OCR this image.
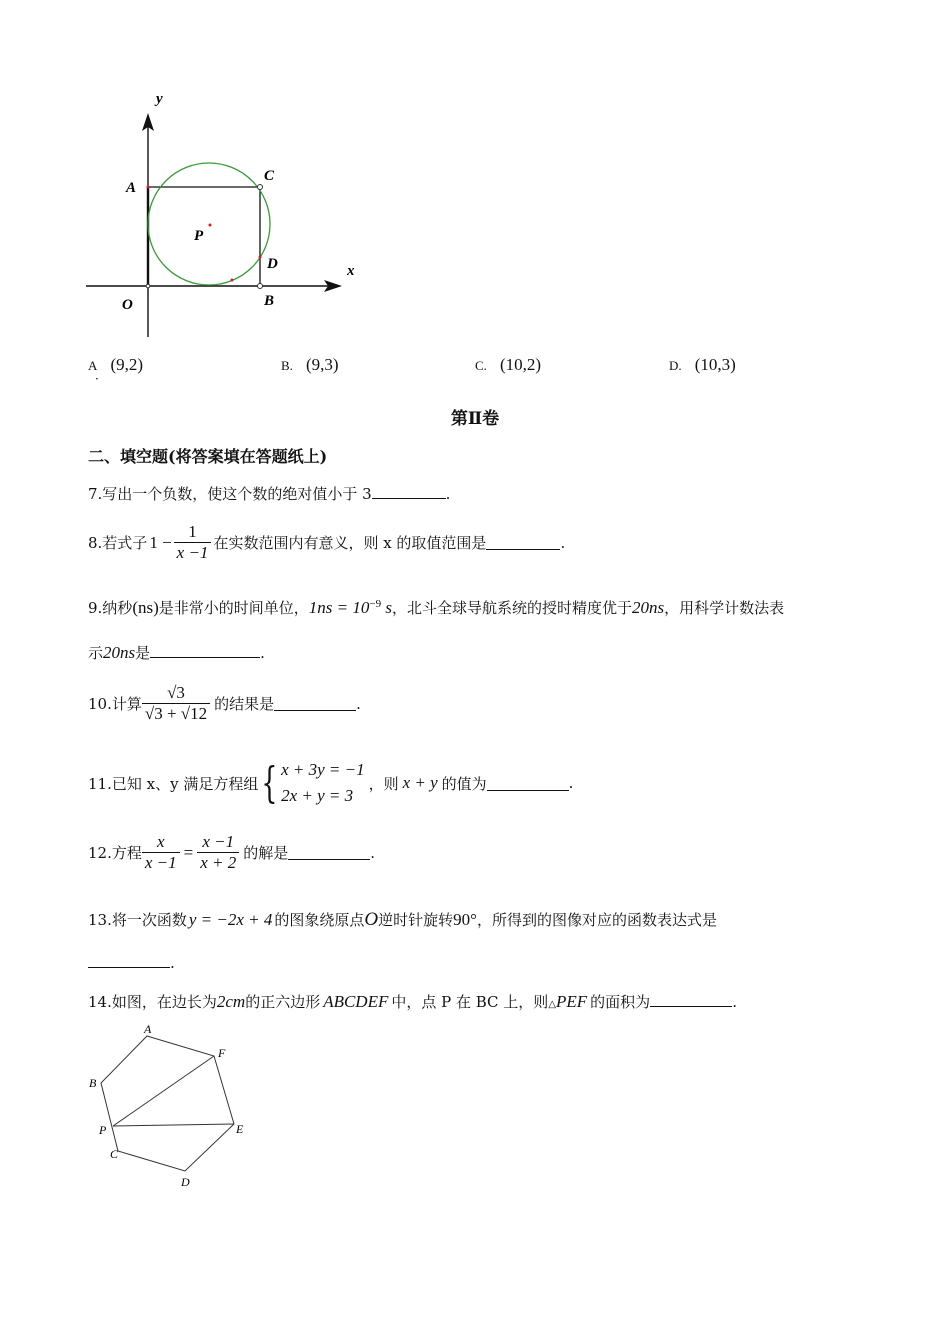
y
x
A
C
P
D
O	B
A (9,2)
·
B. (9,3)	C. (10,2)	D. (10,3)
第Ⅱ卷
二、填空题(将答案填在答题纸上)
7.写出一个负数，使这个数的绝对值小于 3	.
8.若式子 $1 - \frac{1}{x -1}$ 在实数范围内有意义，则 x 的取值范围是	.
9.纳秒(ns)是非常小的时间单位，$1ns = 10^{-9}$ s，北斗全球导航系统的授时精度优于20ns，用科学计数法表
示20ns是	.
10.计算 $\frac{√3}{√3 + √12}$ 的结果是	.
11.已知 x、y 满足方程组 { x + 3y = −1
2x + y = 3
，则 x + y 的值为	.
12.方程 $\frac{x}{x -1} = \frac{x -1}{x + 2}$ 的解是	.
13.将一次函数 y = −2x + 4 的图象绕原点O逆时针旋转90°，所得到的图像对应的函数表达式是
.
14.如图，在边长为2cm的正六边形 ABCDEF 中，点 P 在 BC 上，则△PEF 的面积为	.
A
F
B
P	E
C
D
